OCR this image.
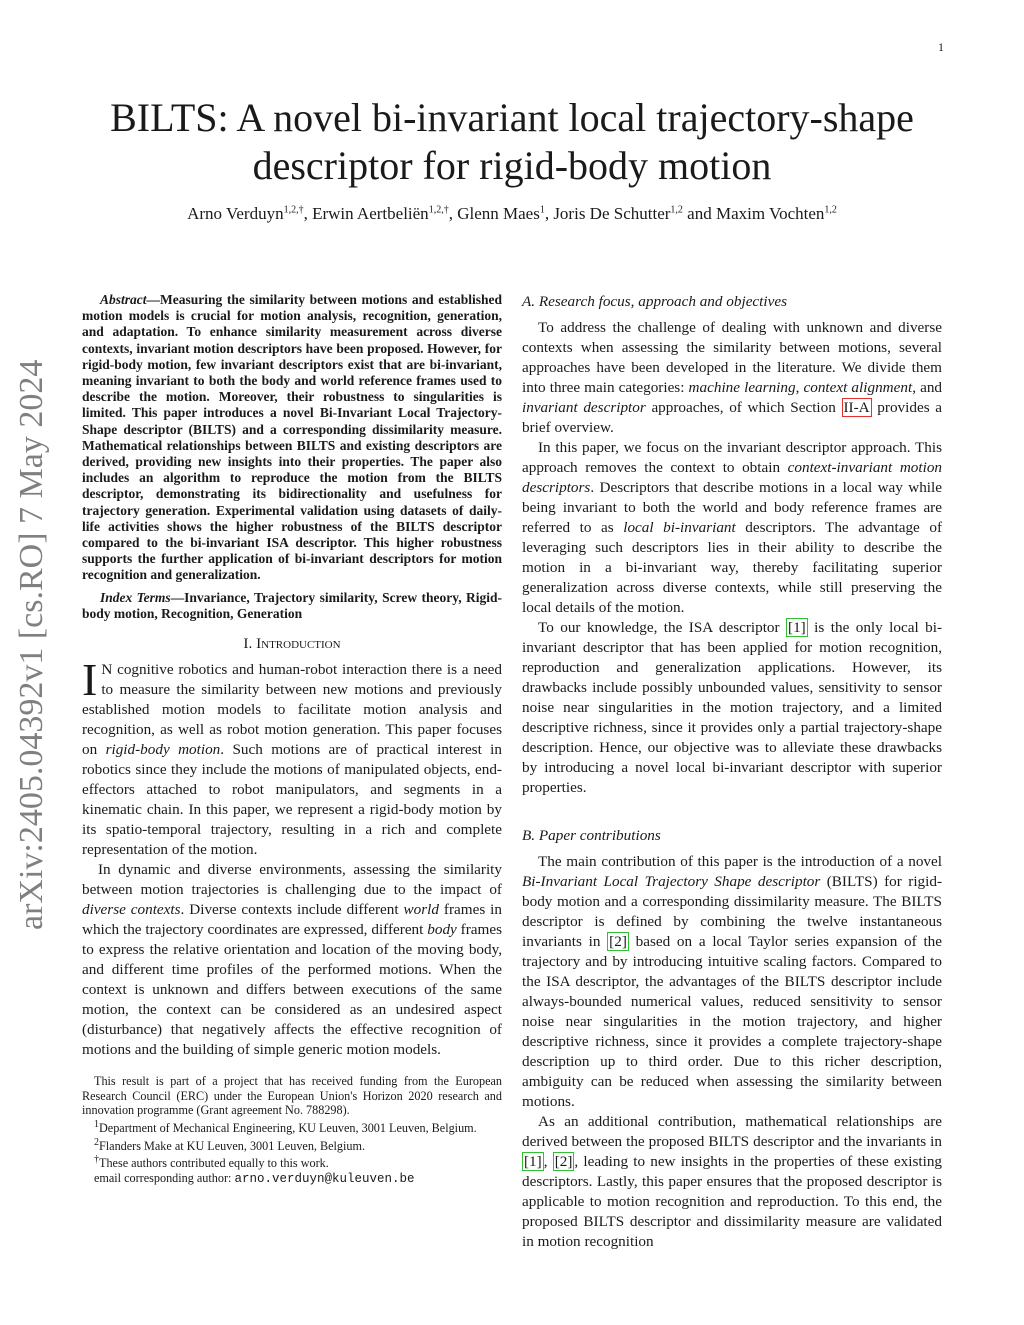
1
BILTS: A novel bi-invariant local trajectory-shape
descriptor for rigid-body motion
Arno Verduyn$^{1,2,\dagger}$, Erwin Aertbeliën$^{1,2,\dagger}$, Glenn Maes$^1$, Joris De Schutter$^{1,2}$ and Maxim Vochten$^{1,2}$
arXiv:2405.04392v1 [cs.RO] 7 May 2024

Abstract—Measuring the similarity between motions and established motion models is crucial for motion analysis, recognition, generation, and adaptation. To enhance similarity measurement across diverse contexts, invariant motion descriptors have been proposed. However, for rigid-body motion, few invariant descriptors exist that are bi-invariant, meaning invariant to both the body and world reference frames used to describe the motion. Moreover, their robustness to singularities is limited. This paper introduces a novel Bi-Invariant Local Trajectory-Shape descriptor (BILTS) and a corresponding dissimilarity measure. Mathematical relationships between BILTS and existing descriptors are derived, providing new insights into their properties. The paper also includes an algorithm to reproduce the motion from the BILTS descriptor, demonstrating its bidirectionality and usefulness for trajectory generation. Experimental validation using datasets of daily-life activities shows the higher robustness of the BILTS descriptor compared to the bi-invariant ISA descriptor. This higher robustness supports the further application of bi-invariant descriptors for motion recognition and generalization.

Index Terms—Invariance, Trajectory similarity, Screw theory, Rigid-body motion, Recognition, Generation

I. Introduction

I N cognitive robotics and human-robot interaction there is a need to measure the similarity between new motions and previously established motion models to facilitate motion analysis and recognition, as well as robot motion generation. This paper focuses on rigid-body motion. Such motions are of practical interest in robotics since they include the motions of manipulated objects, end-effectors attached to robot manipulators, and segments in a kinematic chain. In this paper, we represent a rigid-body motion by its spatio-temporal trajectory, resulting in a rich and complete representation of the motion.

In dynamic and diverse environments, assessing the similarity between motion trajectories is challenging due to the impact of diverse contexts. Diverse contexts include different world frames in which the trajectory coordinates are expressed, different body frames to express the relative orientation and location of the moving body, and different time profiles of the performed motions. When the context is unknown and differs between executions of the same motion, the context can be considered as an undesired aspect (disturbance) that negatively affects the effective recognition of motions and the building of simple generic motion models.

This result is part of a project that has received funding from the European Research Council (ERC) under the European Union's Horizon 2020 research and innovation programme (Grant agreement No. 788298).

$^1$Department of Mechanical Engineering, KU Leuven, 3001 Leuven, Belgium.

$^2$Flanders Make at KU Leuven, 3001 Leuven, Belgium.

†These authors contributed equally to this work.

email corresponding author: arno.verduyn@kuleuven.be

A. Research focus, approach and objectives

To address the challenge of dealing with unknown and diverse contexts when assessing the similarity between motions, several approaches have been developed in the literature. We divide them into three main categories: machine learning, context alignment, and invariant descriptor approaches, of which Section II-A provides a brief overview.

In this paper, we focus on the invariant descriptor approach. This approach removes the context to obtain context-invariant motion descriptors. Descriptors that describe motions in a local way while being invariant to both the world and body reference frames are referred to as local bi-invariant descriptors. The advantage of leveraging such descriptors lies in their ability to describe the motion in a bi-invariant way, thereby facilitating superior generalization across diverse contexts, while still preserving the local details of the motion.

To our knowledge, the ISA descriptor [1] is the only local bi-invariant descriptor that has been applied for motion recognition, reproduction and generalization applications. However, its drawbacks include possibly unbounded values, sensitivity to sensor noise near singularities in the motion trajectory, and a limited descriptive richness, since it provides only a partial trajectory-shape description. Hence, our objective was to alleviate these drawbacks by introducing a novel local bi-invariant descriptor with superior properties.

B. Paper contributions

The main contribution of this paper is the introduction of a novel Bi-Invariant Local Trajectory Shape descriptor (BILTS) for rigid-body motion and a corresponding dissimilarity measure. The BILTS descriptor is defined by combining the twelve instantaneous invariants in [2] based on a local Taylor series expansion of the trajectory and by introducing intuitive scaling factors. Compared to the ISA descriptor, the advantages of the BILTS descriptor include always-bounded numerical values, reduced sensitivity to sensor noise near singularities in the motion trajectory, and higher descriptive richness, since it provides a complete trajectory-shape description up to third order. Due to this richer description, ambiguity can be reduced when assessing the similarity between motions.

As an additional contribution, mathematical relationships are derived between the proposed BILTS descriptor and the invariants in [1] , [2] , leading to new insights in the properties of these existing descriptors. Lastly, this paper ensures that the proposed descriptor is applicable to motion recognition and reproduction. To this end, the proposed BILTS descriptor and dissimilarity measure are validated in motion recognition
